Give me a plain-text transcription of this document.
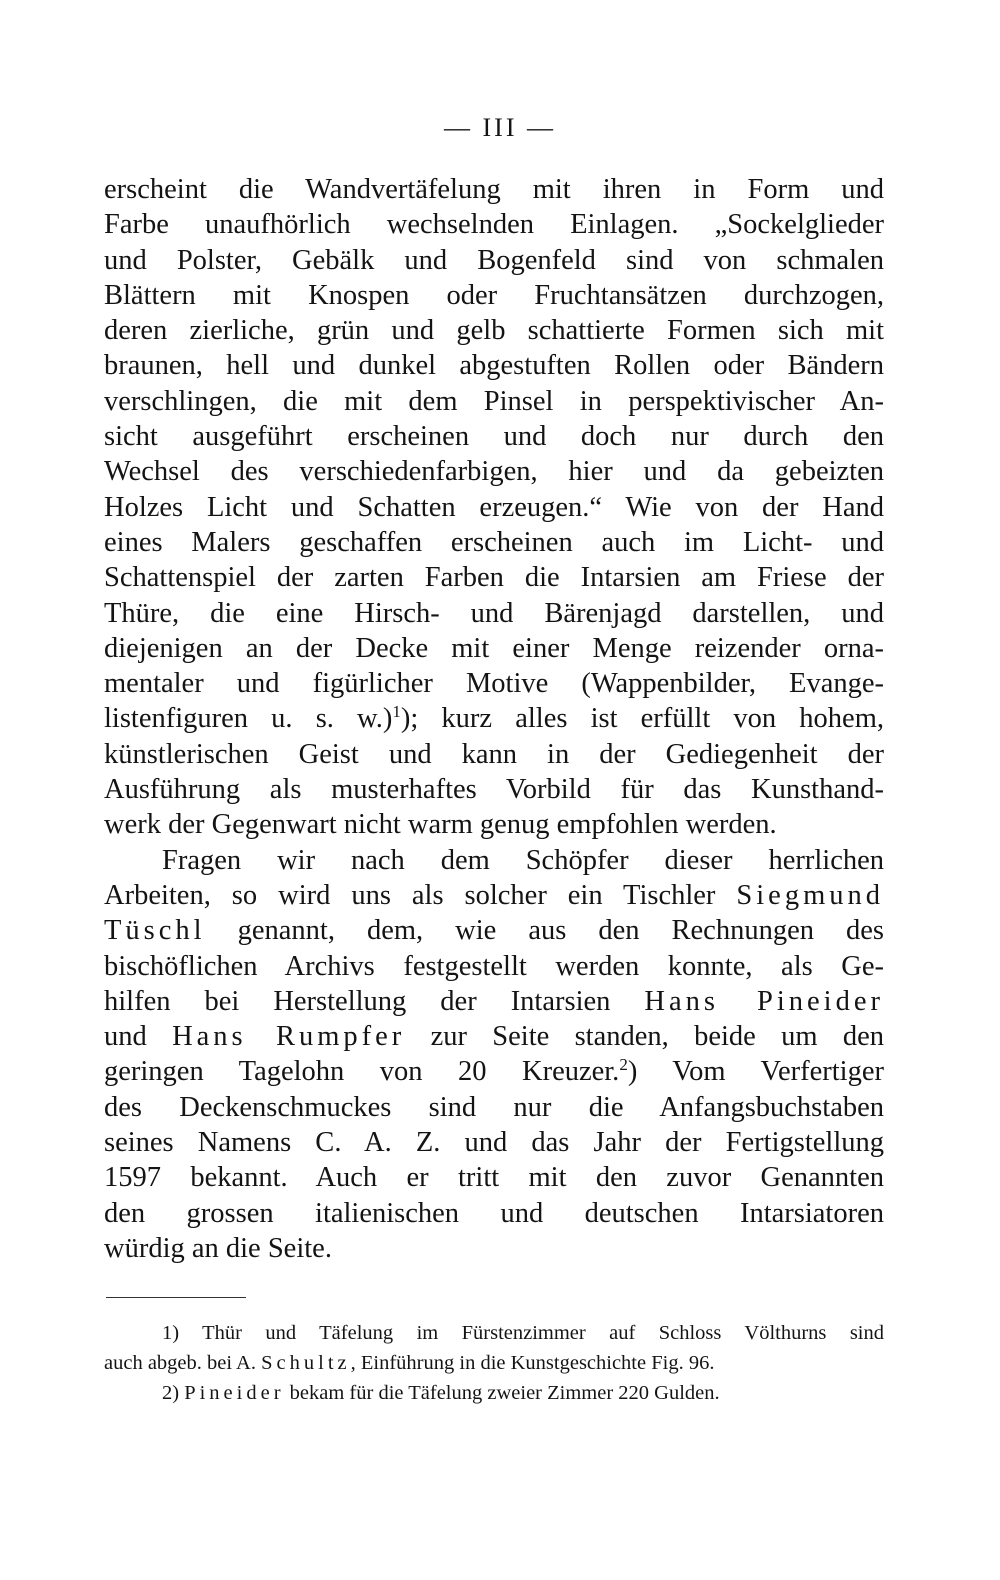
— III —
erscheint die Wandvertäfelung mit ihren in Form und
Farbe unaufhörlich wechselnden Einlagen. „Sockelglieder
und Polster, Gebälk und Bogenfeld sind von schmalen
Blättern mit Knospen oder Fruchtansätzen durchzogen,
deren zierliche, grün und gelb schattierte Formen sich mit
braunen, hell und dunkel abgestuften Rollen oder Bändern
verschlingen, die mit dem Pinsel in perspektivischer An-
sicht ausgeführt erscheinen und doch nur durch den
Wechsel des verschiedenfarbigen, hier und da gebeizten
Holzes Licht und Schatten erzeugen.“ Wie von der Hand
eines Malers geschaffen erscheinen auch im Licht- und
Schattenspiel der zarten Farben die Intarsien am Friese der
Thüre, die eine Hirsch- und Bärenjagd darstellen, und
diejenigen an der Decke mit einer Menge reizender orna-
mentaler und figürlicher Motive (Wappenbilder, Evange-
listenfiguren u. s. w.)$^1$); kurz alles ist erfüllt von hohem,
künstlerischen Geist und kann in der Gediegenheit der
Ausführung als musterhaftes Vorbild für das Kunsthand-
werk der Gegenwart nicht warm genug empfohlen werden.
Fragen wir nach dem Schöpfer dieser herrlichen
Arbeiten, so wird uns als solcher ein Tischler Siegmund
Tüschl genannt, dem, wie aus den Rechnungen des
bischöflichen Archivs festgestellt werden konnte, als Ge-
hilfen bei Herstellung der Intarsien Hans Pineider
und Hans Rumpfer zur Seite standen, beide um den
geringen Tagelohn von 20 Kreuzer.$^2$) Vom Verfertiger
des Deckenschmuckes sind nur die Anfangsbuchstaben
seines Namens C. A. Z. und das Jahr der Fertigstellung
1597 bekannt. Auch er tritt mit den zuvor Genannten
den grossen italienischen und deutschen Intarsiatoren
würdig an die Seite.
1) Thür und Täfelung im Fürstenzimmer auf Schloss Völthurns sind
auch abgeb. bei A. Schultz, Einführung in die Kunstgeschichte Fig. 96.
2) Pineider bekam für die Täfelung zweier Zimmer 220 Gulden.
